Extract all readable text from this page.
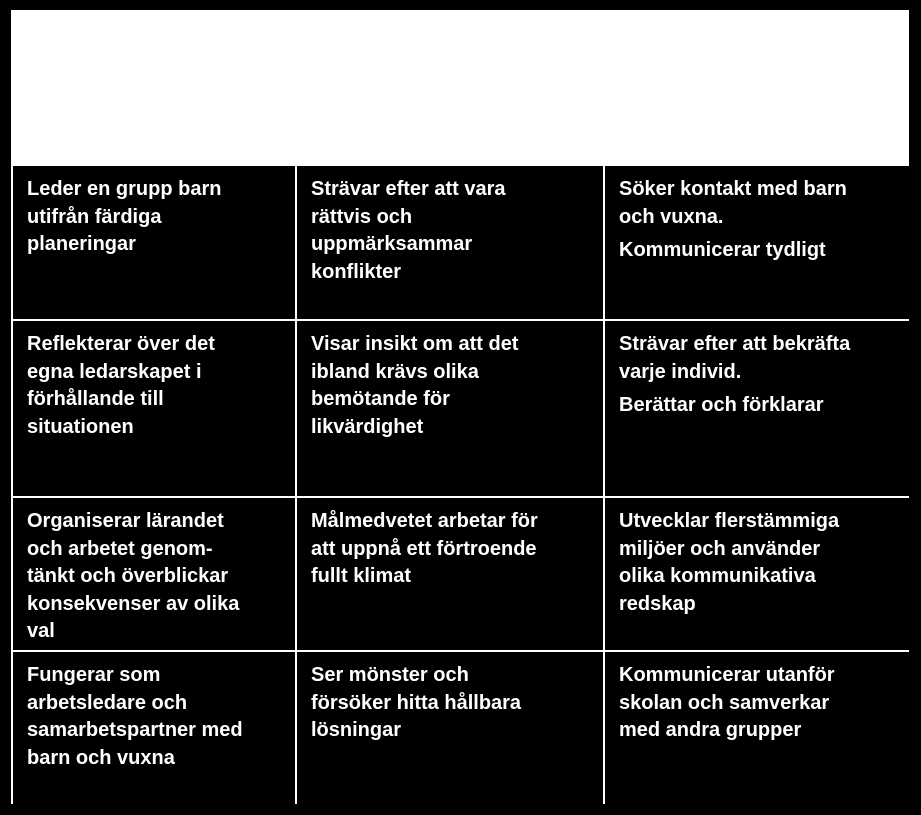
Leder en grupp barn
utifrån färdiga
planeringar
Strävar efter att vara
rättvis och
uppmärksammar
konflikter
Söker kontakt med barn
och vuxna.
Kommunicerar tydligt
Reflekterar över det
egna ledarskapet i
förhållande till
situationen
Visar insikt om att det
ibland krävs olika
bemötande för
likvärdighet
Strävar efter att bekräfta
varje individ.
Berättar och förklarar
Organiserar lärandet
och arbetet genom-
tänkt och överblickar
konsekvenser av olika
val
Målmedvetet arbetar för
att uppnå ett förtroende
fullt klimat
Utvecklar flerstämmiga
miljöer och använder
olika kommunikativa
redskap
Fungerar som
arbetsledare och
samarbetspartner med
barn och vuxna
Ser mönster och
försöker hitta hållbara
lösningar
Kommunicerar utanför
skolan och samverkar
med andra grupper
